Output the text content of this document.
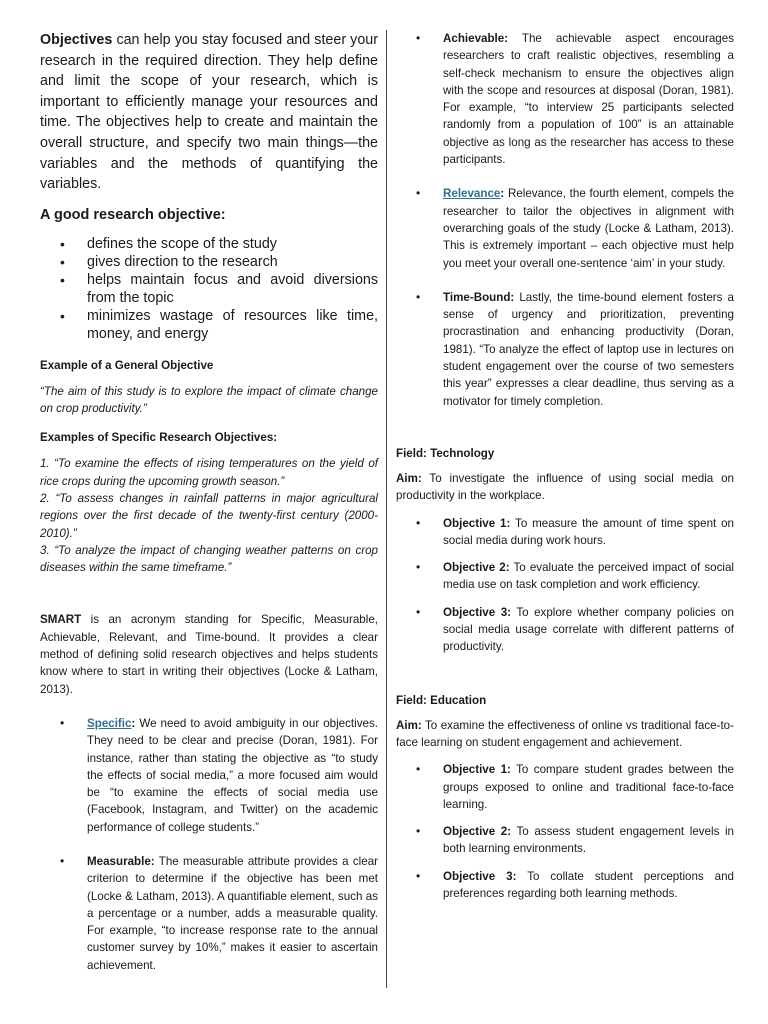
Objectives can help you stay focused and steer your research in the required direction. They help define and limit the scope of your research, which is important to efficiently manage your resources and time. The objectives help to create and maintain the overall structure, and specify two main things—the variables and the methods of quantifying the variables.

A good research objective:

• defines the scope of the study
• gives direction to the research
• helps maintain focus and avoid diversions from the topic
• minimizes wastage of resources like time, money, and energy

Example of a General Objective

“The aim of this study is to explore the impact of climate change on crop productivity.”

Examples of Specific Research Objectives:

1. “To examine the effects of rising temperatures on the yield of rice crops during the upcoming growth season.”
2. “To assess changes in rainfall patterns in major agricultural regions over the first decade of the twenty-first century (2000-2010).”
3. “To analyze the impact of changing weather patterns on crop diseases within the same timeframe.”

SMART is an acronym standing for Specific, Measurable, Achievable, Relevant, and Time-bound. It provides a clear method of defining solid research objectives and helps students know where to start in writing their objectives (Locke & Latham, 2013).

• Specific: We need to avoid ambiguity in our objectives. They need to be clear and precise (Doran, 1981). For instance, rather than stating the objective as “to study the effects of social media,” a more focused aim would be “to examine the effects of social media use (Facebook, Instagram, and Twitter) on the academic performance of college students.”
• Measurable: The measurable attribute provides a clear criterion to determine if the objective has been met (Locke & Latham, 2013). A quantifiable element, such as a percentage or a number, adds a measurable quality. For example, “to increase response rate to the annual customer survey by 10%,” makes it easier to ascertain achievement.
• Achievable: The achievable aspect encourages researchers to craft realistic objectives, resembling a self-check mechanism to ensure the objectives align with the scope and resources at disposal (Doran, 1981). For example, “to interview 25 participants selected randomly from a population of 100” is an attainable objective as long as the researcher has access to these participants.
• Relevance: Relevance, the fourth element, compels the researcher to tailor the objectives in alignment with overarching goals of the study (Locke & Latham, 2013). This is extremely important – each objective must help you meet your overall one-sentence ‘aim’ in your study.
• Time-Bound: Lastly, the time-bound element fosters a sense of urgency and prioritization, preventing procrastination and enhancing productivity (Doran, 1981). “To analyze the effect of laptop use in lectures on student engagement over the course of two semesters this year” expresses a clear deadline, thus serving as a motivator for timely completion.

Field: Technology

Aim: To investigate the influence of using social media on productivity in the workplace.

• Objective 1: To measure the amount of time spent on social media during work hours.
• Objective 2: To evaluate the perceived impact of social media use on task completion and work efficiency.
• Objective 3: To explore whether company policies on social media usage correlate with different patterns of productivity.

Field: Education

Aim: To examine the effectiveness of online vs traditional face-to-face learning on student engagement and achievement.

• Objective 1: To compare student grades between the groups exposed to online and traditional face-to-face learning.
• Objective 2: To assess student engagement levels in both learning environments.
• Objective 3: To collate student perceptions and preferences regarding both learning methods.
